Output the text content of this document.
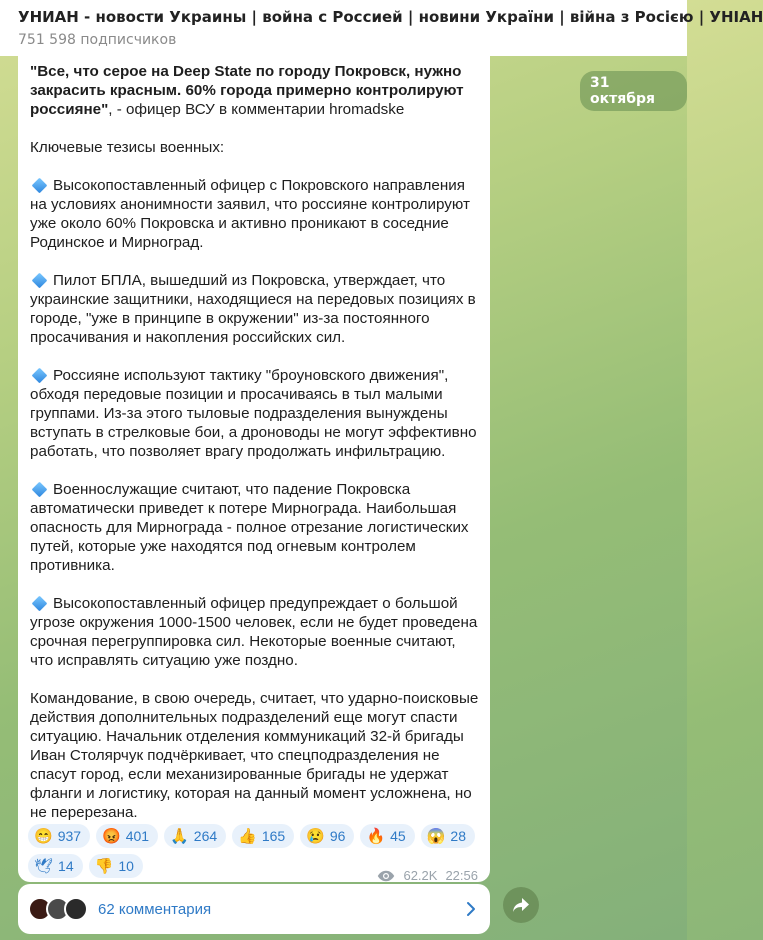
УНИАН - новости Украины | война с Россией | новини України | війна з Росією | УНІАН
751 598 подписчиков
31 октября

"Все, что серое на Deep State по городу Покровск, нужно закрасить красным. 60% города примерно контролируют россияне", - офицер ВСУ в комментарии hromadske

Ключевые тезисы военных:

Высокопоставленный офицер с Покровского направления на условиях анонимности заявил, что россияне контролируют уже около 60% Покровска и активно проникают в соседние Родинское и Мирноград.

Пилот БПЛА, вышедший из Покровска, утверждает, что украинские защитники, находящиеся на передовых позициях в городе, "уже в принципе в окружении" из-за постоянного просачивания и накопления российских сил.

Россияне используют тактику "броуновского движения", обходя передовые позиции и просачиваясь в тыл малыми группами. Из-за этого тыловые подразделения вынуждены вступать в стрелковые бои, а дроноводы не могут эффективно работать, что позволяет врагу продолжать инфильтрацию.

Военнослужащие считают, что падение Покровска автоматически приведет к потере Мирнограда. Наибольшая опасность для Мирнограда - полное отрезание логистических путей, которые уже находятся под огневым контролем противника.

Высокопоставленный офицер предупреждает о большой угрозе окружения 1000-1500 человек, если не будет проведена срочная перегруппировка сил. Некоторые военные считают, что исправлять ситуацию уже поздно.

Командование, в свою очередь, считает, что ударно-поисковые действия дополнительных подразделений еще могут спасти ситуацию. Начальник отделения коммуникаций 32-й бригады Иван Столярчук подчёркивает, что спецподразделения не спасут город, если механизированные бригады не удержат фланги и логистику, которая на данный момент усложнена, но не перерезана.

😁 937 😡 401 🙏 264 👍 165 😢 96 🔥 45 😱 28
🕊 14 👎 10
62.2K 22:56
62 комментария
